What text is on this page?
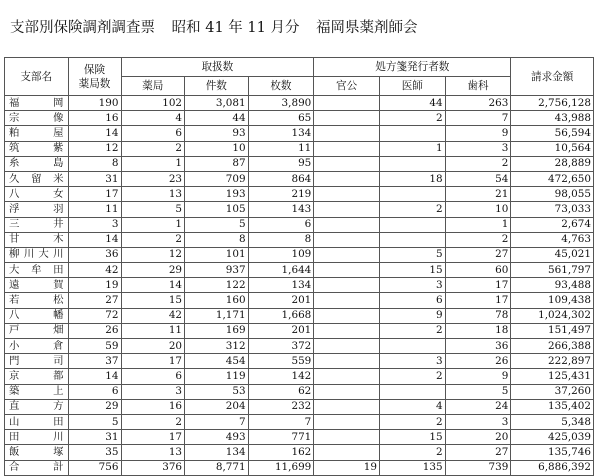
支部別保険調剤調査票 昭和 41 年 11 月分 福岡県薬剤師会
支部名	保険
薬局数	取扱数			処方箋発行者数			請求金額
		薬局	件数	枚数	官公	医師	歯科	
福岡	190	102	3,081	3,890		44	263	2,756,128
宗像	16	4	44	65		2	7	43,988
粕屋	14	6	93	134			9	56,594
筑紫	12	2	10	11		1	3	10,564
糸島	8	1	87	95			2	28,889
久留米	31	23	709	864		18	54	472,650
八女	17	13	193	219			21	98,055
浮羽	11	5	105	143		2	10	73,033
三井	3	1	5	6			1	2,674
甘木	14	2	8	8			2	4,763
柳川大川	36	12	101	109		5	27	45,021
大牟田	42	29	937	1,644		15	60	561,797
遠賀	19	14	122	134		3	17	93,488
若松	27	15	160	201		6	17	109,438
八幡	72	42	1,171	1,668		9	78	1,024,302
戸畑	26	11	169	201		2	18	151,497
小倉	59	20	312	372			36	266,388
門司	37	17	454	559		3	26	222,897
京都	14	6	119	142		2	9	125,431
築上	6	3	53	62			5	37,260
直方	29	16	204	232		4	24	135,402
山田	5	2	7	7		2	3	5,348
田川	31	17	493	771		15	20	425,039
飯塚	35	13	134	162		2	27	135,746
合計	756	376	8,771	11,699	19	135	739	6,886,392
